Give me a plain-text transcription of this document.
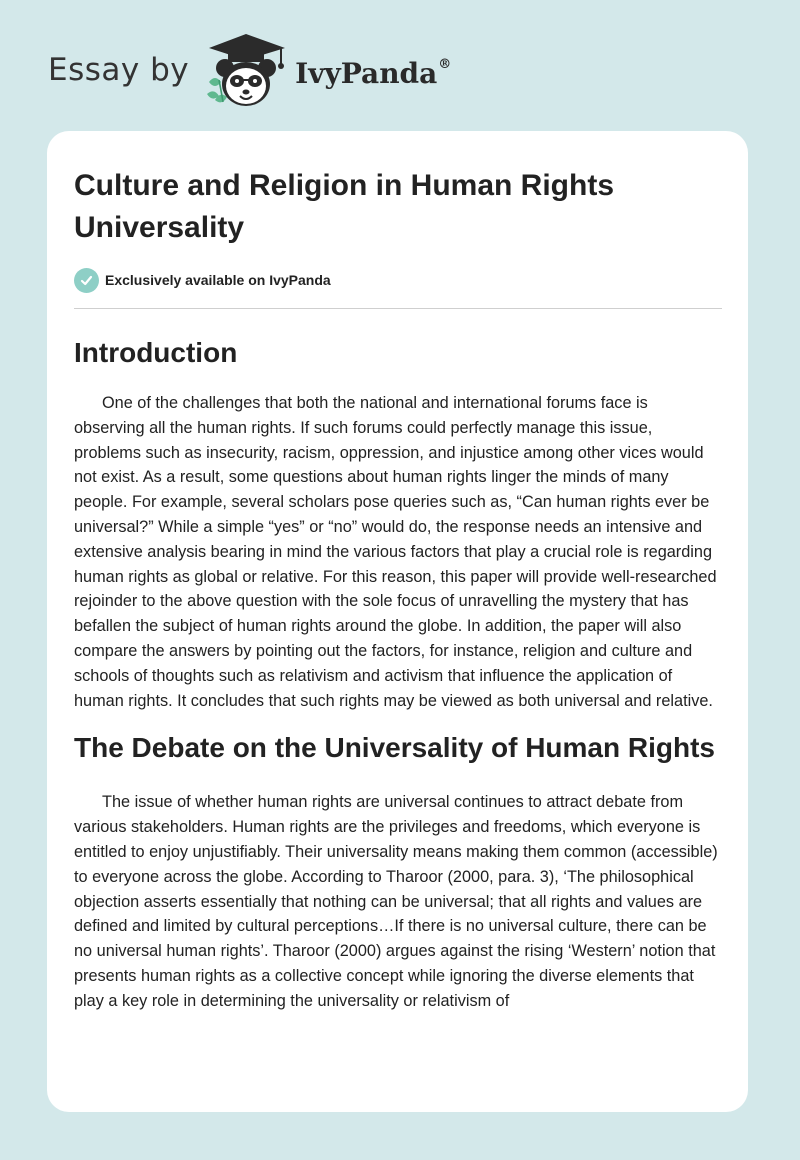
Essay by	IvyPanda®
Culture and Religion in Human Rights Universality
Exclusively available on IvyPanda
Introduction

One of the challenges that both the national and international forums face is observing all the human rights. If such forums could perfectly manage this issue, problems such as insecurity, racism, oppression, and injustice among other vices would not exist. As a result, some questions about human rights linger the minds of many people. For example, several scholars pose queries such as, “Can human rights ever be universal?” While a simple “yes” or “no” would do, the response needs an intensive and extensive analysis bearing in mind the various factors that play a crucial role is regarding human rights as global or relative. For this reason, this paper will provide well-researched rejoinder to the above question with the sole focus of unravelling the mystery that has befallen the subject of human rights around the globe. In addition, the paper will also compare the answers by pointing out the factors, for instance, religion and culture and schools of thoughts such as relativism and activism that influence the application of human rights. It concludes that such rights may be viewed as both universal and relative.

The Debate on the Universality of Human Rights

The issue of whether human rights are universal continues to attract debate from various stakeholders. Human rights are the privileges and freedoms, which everyone is entitled to enjoy unjustifiably. Their universality means making them common (accessible) to everyone across the globe. According to Tharoor (2000, para. 3), ‘The philosophical objection asserts essentially that nothing can be universal; that all rights and values are defined and limited by cultural perceptions…If there is no universal culture, there can be no universal human rights’. Tharoor (2000) argues against the rising ‘Western’ notion that presents human rights as a collective concept while ignoring the diverse elements that play a key role in determining the universality or relativism of
